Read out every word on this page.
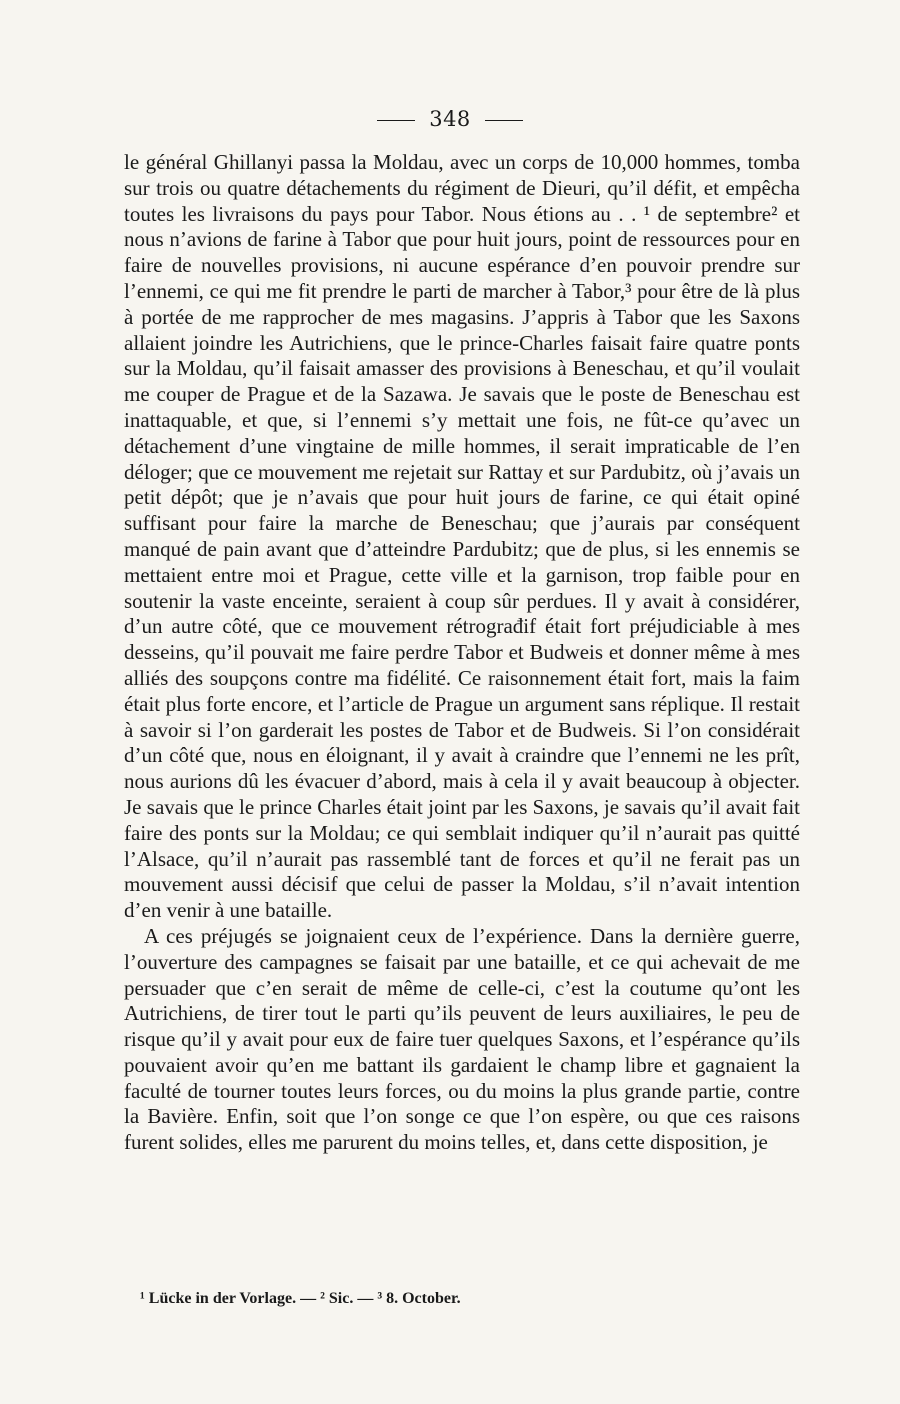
348

le général Ghillanyi passa la Moldau, avec un corps de 10,000 hommes, tomba sur trois ou quatre détachements du régiment de Dieuri, qu’il défit, et empêcha toutes les livraisons du pays pour Tabor. Nous étions au . . ¹ de septembre² et nous n’avions de farine à Tabor que pour huit jours, point de ressources pour en faire de nouvelles provisions, ni aucune espérance d’en pouvoir prendre sur l’ennemi, ce qui me fit prendre le parti de marcher à Tabor,³ pour être de là plus à portée de me rapprocher de mes magasins. J’appris à Tabor que les Saxons allaient joindre les Autrichiens, que le prince-Charles faisait faire quatre ponts sur la Moldau, qu’il faisait amasser des provisions à Beneschau, et qu’il voulait me couper de Prague et de la Sazawa. Je savais que le poste de Beneschau est inattaquable, et que, si l’ennemi s’y mettait une fois, ne fût-ce qu’avec un détachement d’une vingtaine de mille hommes, il serait impraticable de l’en déloger; que ce mouvement me rejetait sur Rattay et sur Pardubitz, où j’avais un petit dépôt; que je n’avais que pour huit jours de farine, ce qui était opiné suffisant pour faire la marche de Beneschau; que j’aurais par conséquent manqué de pain avant que d’atteindre Pardubitz; que de plus, si les ennemis se mettaient entre moi et Prague, cette ville et la garnison, trop faible pour en soutenir la vaste enceinte, seraient à coup sûr perdues. Il y avait à considérer, d’un autre côté, que ce mouvement rétrograđif était fort préjudiciable à mes desseins, qu’il pouvait me faire perdre Tabor et Budweis et donner même à mes alliés des soupçons contre ma fidélité. Ce raisonnement était fort, mais la faim était plus forte encore, et l’article de Prague un argument sans réplique. Il restait à savoir si l’on garderait les postes de Tabor et de Budweis. Si l’on considérait d’un côté que, nous en éloignant, il y avait à craindre que l’ennemi ne les prît, nous aurions dû les évacuer d’abord, mais à cela il y avait beaucoup à objecter. Je savais que le prince Charles était joint par les Saxons, je savais qu’il avait fait faire des ponts sur la Moldau; ce qui semblait indiquer qu’il n’aurait pas quitté l’Alsace, qu’il n’aurait pas rassemblé tant de forces et qu’il ne ferait pas un mouvement aussi décisif que celui de passer la Moldau, s’il n’avait intention d’en venir à une bataille.

A ces préjugés se joignaient ceux de l’expérience. Dans la dernière guerre, l’ouverture des campagnes se faisait par une bataille, et ce qui achevait de me persuader que c’en serait de même de celle-ci, c’est la coutume qu’ont les Autrichiens, de tirer tout le parti qu’ils peuvent de leurs auxiliaires, le peu de risque qu’il y avait pour eux de faire tuer quelques Saxons, et l’espérance qu’ils pouvaient avoir qu’en me battant ils gardaient le champ libre et gagnaient la faculté de tourner toutes leurs forces, ou du moins la plus grande partie, contre la Bavière. Enfin, soit que l’on songe ce que l’on espère, ou que ces raisons furent solides, elles me parurent du moins telles, et, dans cette disposition, je

¹ Lücke in der Vorlage. — ² Sic. — ³ 8. October.
